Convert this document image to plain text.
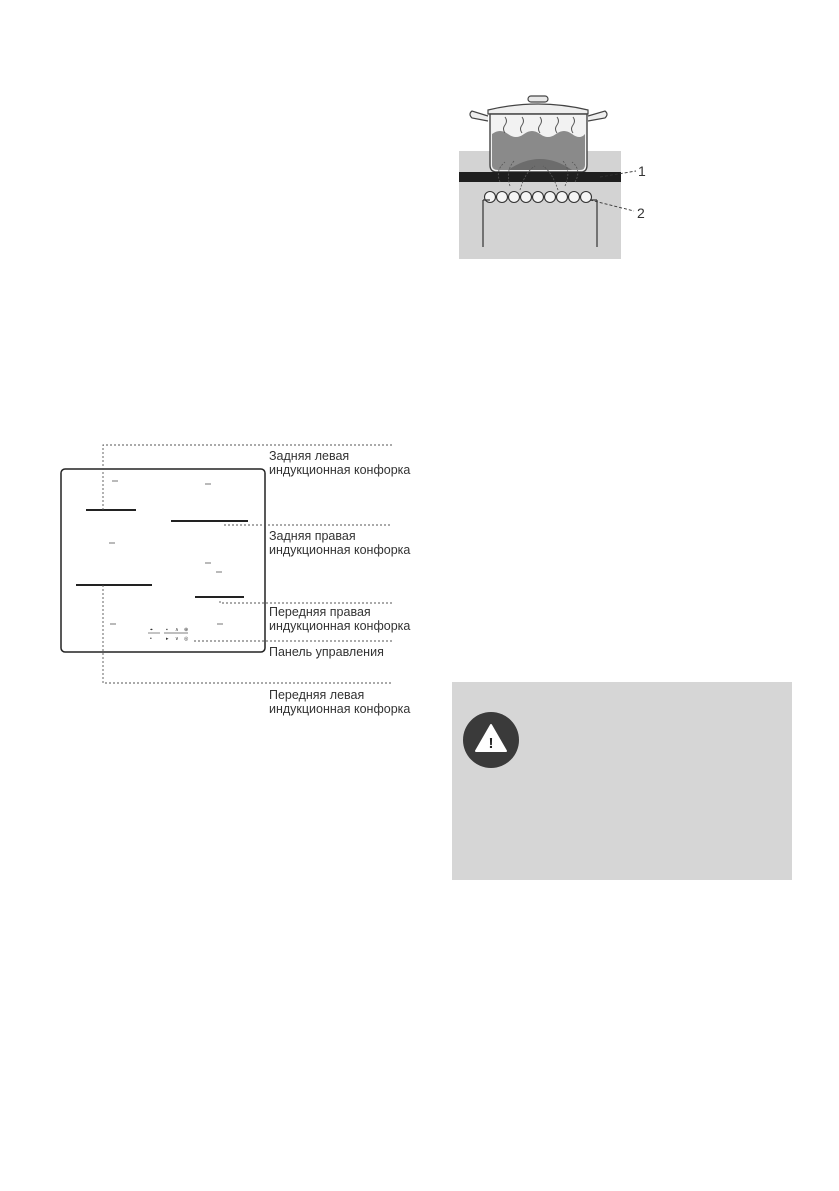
1
2
⌖	▪ ∧ ⊕
•	▸ ∨ ◎
Задняя левая
индукционная конфорка
Задняя правая
индукционная конфорка
Передняя правая
индукционная конфорка
Панель управления
Передняя левая
индукционная конфорка
!
